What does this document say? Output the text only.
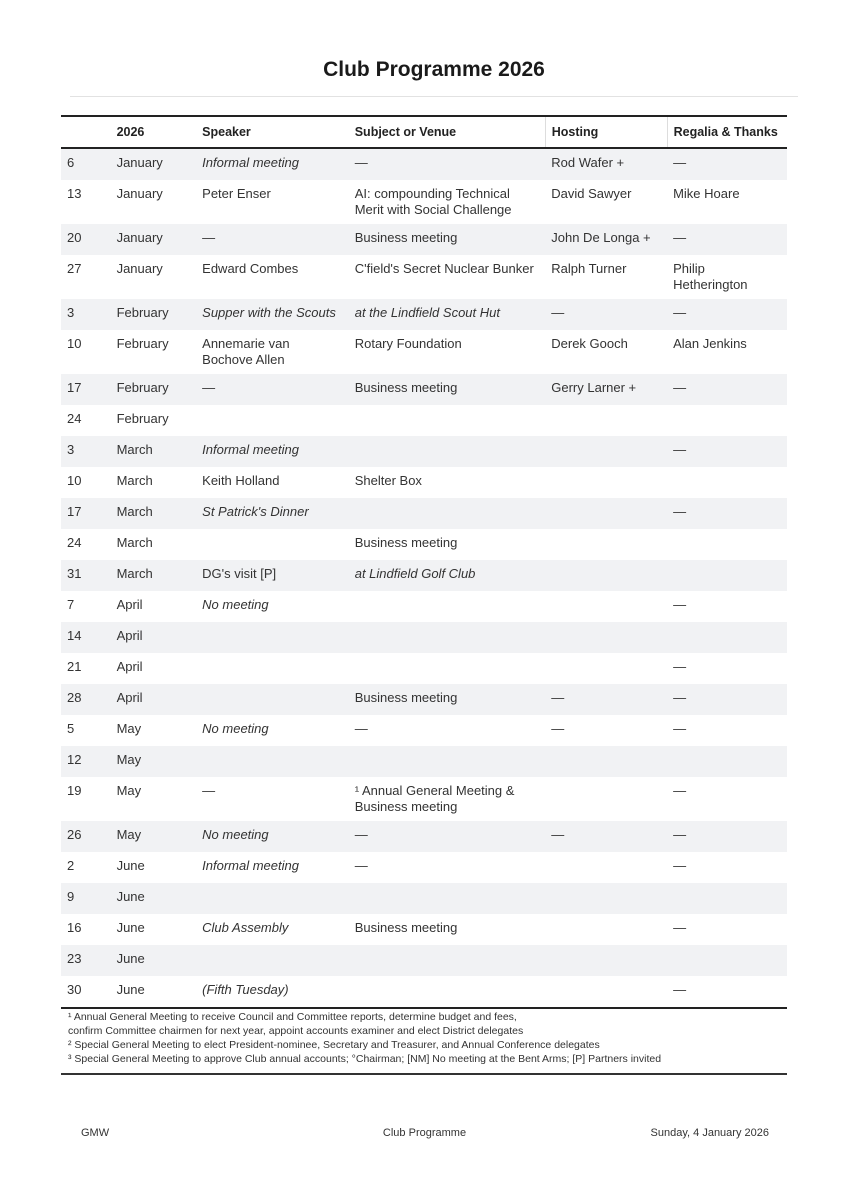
Club Programme 2026
	2026	Speaker	Subject or Venue	Hosting	Regalia & Thanks
6	January	Informal meeting	—	Rod Wafer +	—
13	January	Peter Enser	AI: compounding Technical Merit with Social Challenge	David Sawyer	Mike Hoare
20	January	—	Business meeting	John De Longa +	—
27	January	Edward Combes	C'field's Secret Nuclear Bunker	Ralph Turner	Philip Hetherington
3	February	Supper with the Scouts	at the Lindfield Scout Hut	—	—
10	February	Annemarie van Bochove Allen	Rotary Foundation	Derek Gooch	Alan Jenkins
17	February	—	Business meeting	Gerry Larner +	—
24	February				
3	March	Informal meeting			—
10	March	Keith Holland	Shelter Box		
17	March	St Patrick's Dinner			—
24	March		Business meeting		
31	March	DG's visit [P]	at Lindfield Golf Club		
7	April	No meeting			—
14	April				
21	April				—
28	April		Business meeting	—	—
5	May	No meeting	—	—	—
12	May				
19	May	—	¹ Annual General Meeting & Business meeting		—
26	May	No meeting	—	—	—
2	June	Informal meeting	—		—
9	June				
16	June	Club Assembly	Business meeting		—
23	June				
30	June	(Fifth Tuesday)			—
¹ Annual General Meeting to receive Council and Committee reports, determine budget and fees,
confirm Committee chairmen for next year, appoint accounts examiner and elect District delegates
² Special General Meeting to elect President-nominee, Secretary and Treasurer, and Annual Conference delegates
³ Special General Meeting to approve Club annual accounts; °Chairman; [NM] No meeting at the Bent Arms; [P] Partners invited
GMW	Club Programme	Sunday, 4 January 2026
